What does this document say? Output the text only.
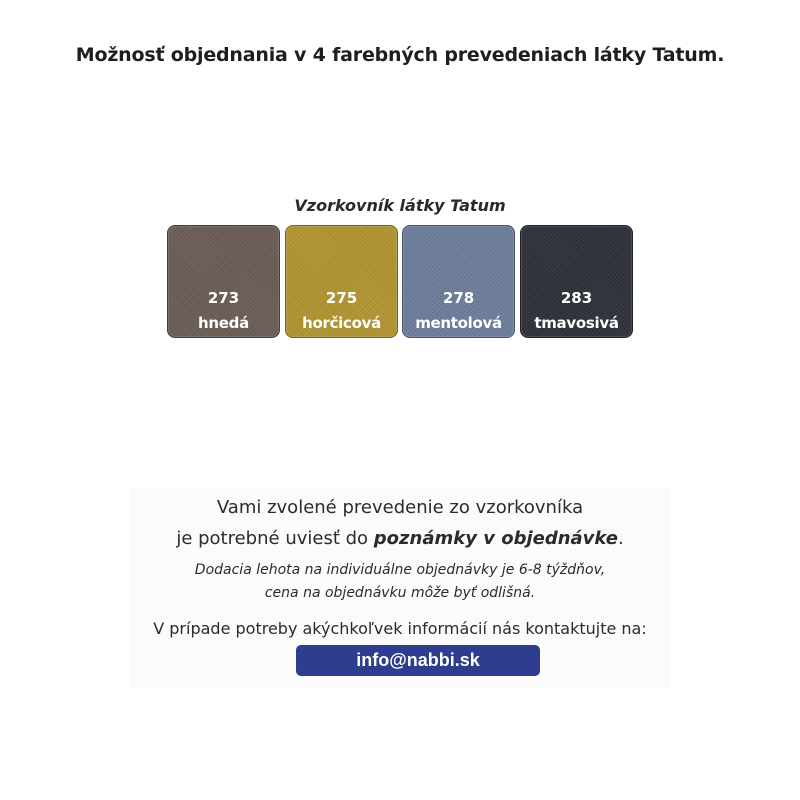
Možnosť objednania v 4 farebných prevedeniach látky Tatum.
Vzorkovník látky Tatum
273
hnedá
275
horčicová
278
mentolová
283
tmavosivá
Vami zvolené prevedenie zo vzorkovníka
je potrebné uviesť do poznámky v objednávke.
Dodacia lehota na individuálne objednávky je 6-8 týždňov,
cena na objednávku môže byť odlišná.
V prípade potreby akýchkoľvek informácií nás kontaktujte na:
info@nabbi.sk
